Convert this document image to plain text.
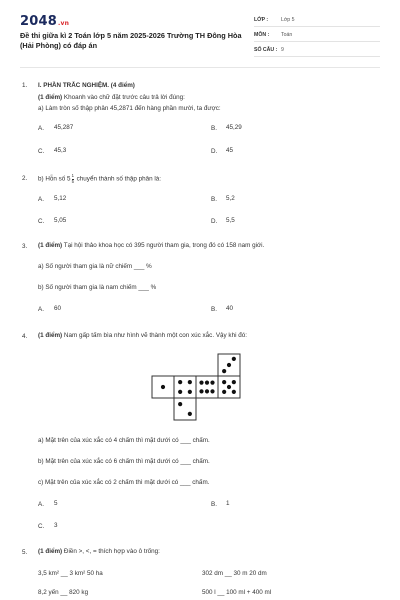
2048.vn
Đề thi giữa kì 2 Toán lớp 5 năm 2025-2026 Trường TH Đông Hòa (Hải Phòng) có đáp án
LỚP :	Lớp 5
MÔN :	Toán
SỐ CÂU : 9
1. I. PHẦN TRẮC NGHIỆM. (4 điểm)
(1 điểm) Khoanh vào chữ đặt trước câu trả lời đúng:
a) Làm tròn số thập phân 45,2871 đến hàng phần mười, ta được:
A. 45,287	B. 45,29
C. 45,3	D. 45
2. b) Hỗn số $5 \frac{1}{5}$ chuyển thành số thập phân là:
A. 5,12	B. 5,2
C. 5,05	D. 5,5
3. (1 điểm) Tại hội thảo khoa học có 395 người tham gia, trong đó có 158 nam giới.
a) Số người tham gia là nữ chiếm ___ %
b) Số người tham gia là nam chiếm ___ %
A. 60	B. 40
4. (1 điểm) Nam gấp tấm bìa như hình vẽ thành một con xúc xắc. Vậy khi đó:
a) Mặt trên của xúc xắc có 4 chấm thì mặt dưới có ___ chấm.
b) Mặt trên của xúc xắc có 6 chấm thì mặt dưới có ___ chấm.
c) Mặt trên của xúc xắc có 2 chấm thì mặt dưới có ___ chấm.
A. 5	B. 1
C. 3
5. (1 điểm) Điền >, <, = thích hợp vào ô trống:
3,5 km² __ 3 km² 50 ha	302 dm __ 30 m 20 dm
8,2 yến __ 820 kg	500 l __ 100 ml + 400 ml
